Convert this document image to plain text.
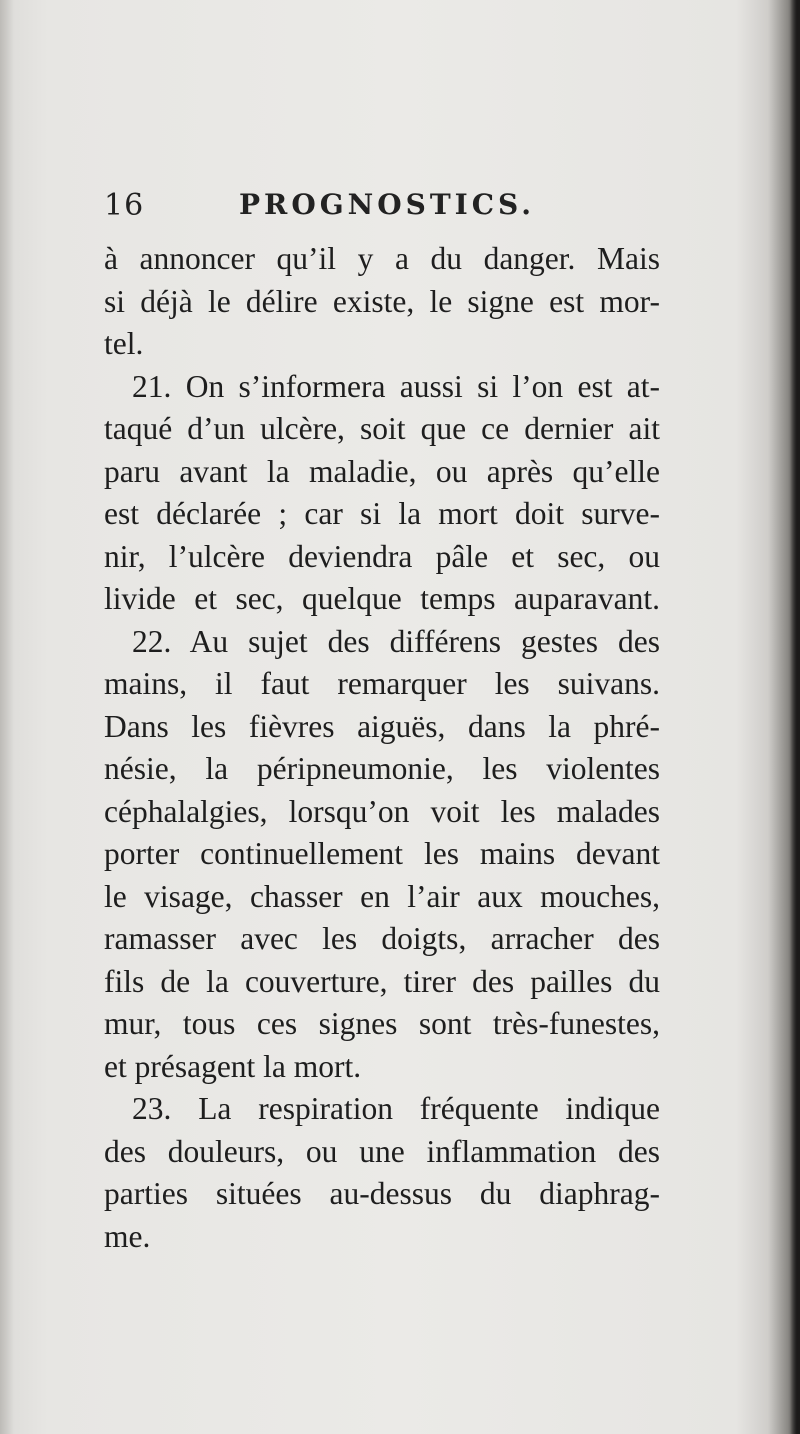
16	PROGNOSTICS.
à annoncer qu’il y a du danger. Mais
si déjà le délire existe, le signe est mor-
tel.
21. On s’informera aussi si l’on est at-
taqué d’un ulcère, soit que ce dernier ait
paru avant la maladie, ou après qu’elle
est déclarée ; car si la mort doit surve-
nir, l’ulcère deviendra pâle et sec, ou
livide et sec, quelque temps auparavant.
22. Au sujet des différens gestes des
mains, il faut remarquer les suivans.
Dans les fièvres aiguës, dans la phré-
nésie, la péripneumonie, les violentes
céphalalgies, lorsqu’on voit les malades
porter continuellement les mains devant
le visage, chasser en l’air aux mouches,
ramasser avec les doigts, arracher des
fils de la couverture, tirer des pailles du
mur, tous ces signes sont très-funestes,
et présagent la mort.
23. La respiration fréquente indique
des douleurs, ou une inflammation des
parties situées au-dessus du diaphrag-
me.
